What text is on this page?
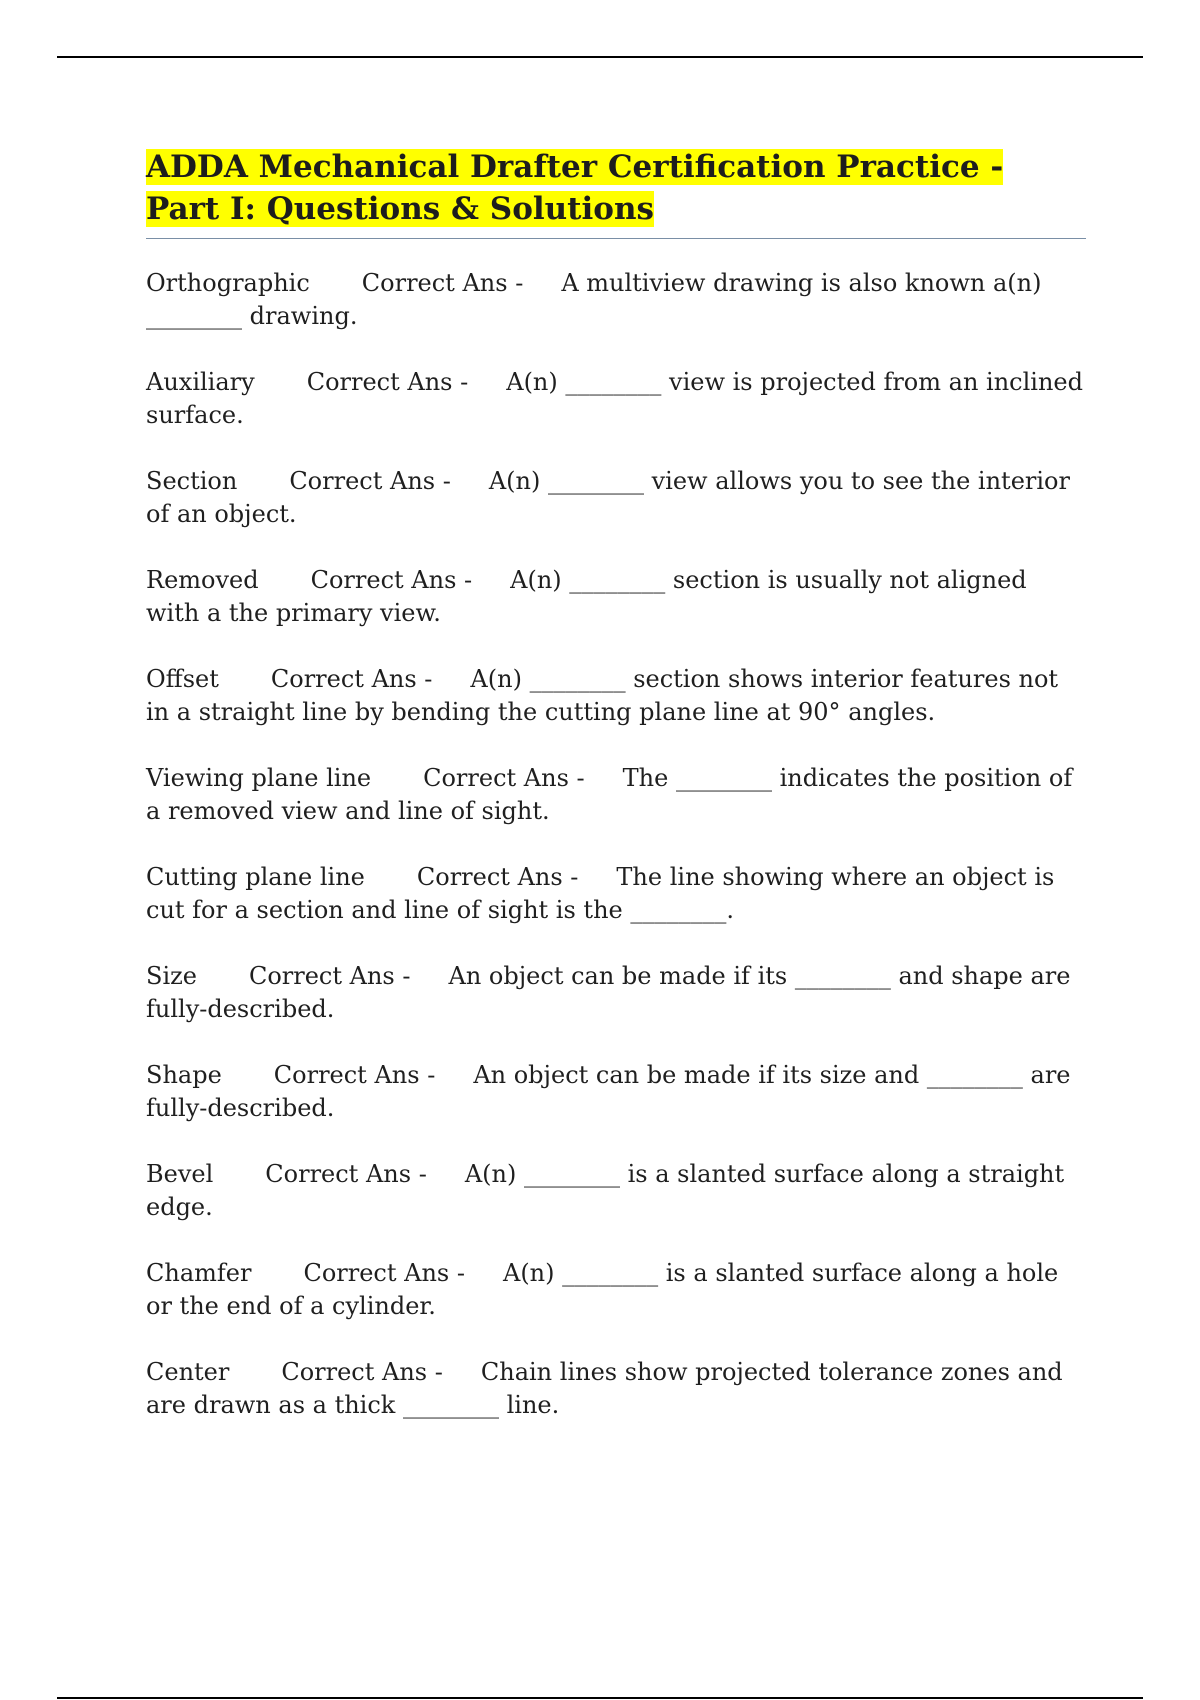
ADDA Mechanical Drafter Certification Practice - Part I: Questions & Solutions

Orthographic Correct Ans - A multiview drawing is also known a(n) ________ drawing.

Auxiliary Correct Ans - A(n) ________ view is projected from an inclined surface.

Section Correct Ans - A(n) ________ view allows you to see the interior of an object.

Removed Correct Ans - A(n) ________ section is usually not aligned with a the primary view.

Offset Correct Ans - A(n) ________ section shows interior features not in a straight line by bending the cutting plane line at 90° angles.

Viewing plane line Correct Ans - The ________ indicates the position of a removed view and line of sight.

Cutting plane line Correct Ans - The line showing where an object is cut for a section and line of sight is the ________.

Size Correct Ans - An object can be made if its ________ and shape are fully-described.

Shape Correct Ans - An object can be made if its size and ________ are fully-described.

Bevel Correct Ans - A(n) ________ is a slanted surface along a straight edge.

Chamfer Correct Ans - A(n) ________ is a slanted surface along a hole or the end of a cylinder.

Center Correct Ans - Chain lines show projected tolerance zones and are drawn as a thick ________ line.
